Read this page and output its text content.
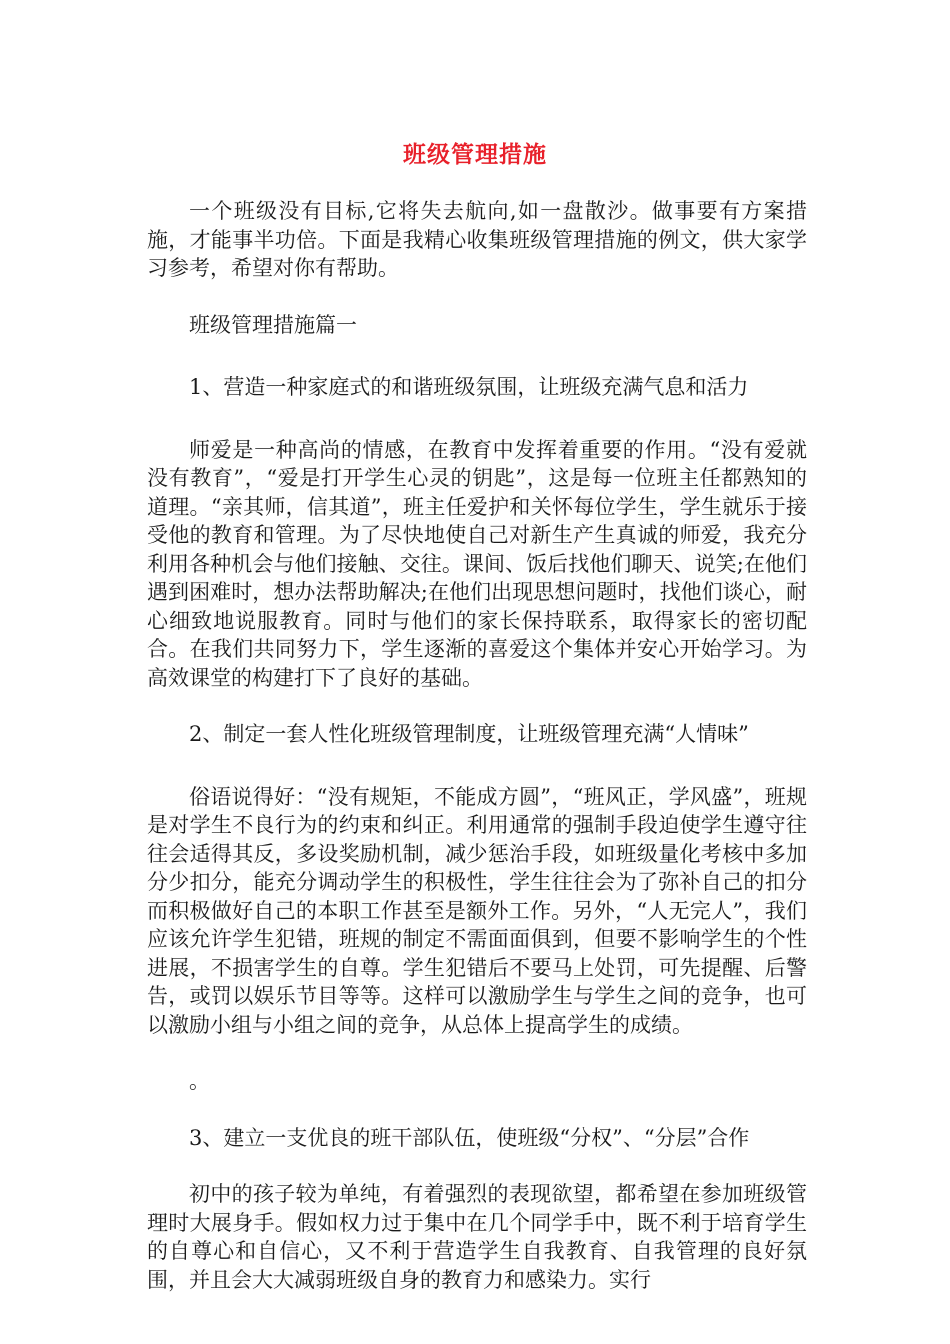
班级管理措施

一个班级没有目标,它将失去航向,如一盘散沙。做事要有方案措施，才能事半功倍。下面是我精心收集班级管理措施的例文，供大家学习参考，希望对你有帮助。

班级管理措施篇一

1、营造一种家庭式的和谐班级氛围，让班级充满气息和活力

师爱是一种高尚的情感，在教育中发挥着重要的作用。“没有爱就没有教育”，“爱是打开学生心灵的钥匙”，这是每一位班主任都熟知的道理。“亲其师，信其道”，班主任爱护和关怀每位学生，学生就乐于接受他的教育和管理。为了尽快地使自己对新生产生真诚的师爱，我充分利用各种机会与他们接触、交往。课间、饭后找他们聊天、说笑;在他们遇到困难时，想办法帮助解决;在他们出现思想问题时，找他们谈心，耐心细致地说服教育。同时与他们的家长保持联系，取得家长的密切配合。在我们共同努力下，学生逐渐的喜爱这个集体并安心开始学习。为高效课堂的构建打下了良好的基础。

2、制定一套人性化班级管理制度，让班级管理充满“人情味”

俗语说得好：“没有规矩，不能成方圆”，“班风正，学风盛”，班规是对学生不良行为的约束和纠正。利用通常的强制手段迫使学生遵守往往会适得其反，多设奖励机制，减少惩治手段，如班级量化考核中多加分少扣分，能充分调动学生的积极性，学生往往会为了弥补自己的扣分而积极做好自己的本职工作甚至是额外工作。另外，“人无完人”，我们应该允许学生犯错，班规的制定不需面面俱到，但要不影响学生的个性进展，不损害学生的自尊。学生犯错后不要马上处罚，可先提醒、后警告，或罚以娱乐节目等等。这样可以激励学生与学生之间的竞争，也可以激励小组与小组之间的竞争，从总体上提高学生的成绩。

。

3、建立一支优良的班干部队伍，使班级“分权”、“分层”合作

初中的孩子较为单纯，有着强烈的表现欲望，都希望在参加班级管理时大展身手。假如权力过于集中在几个同学手中，既不利于培育学生的自尊心和自信心，又不利于营造学生自我教育、自我管理的良好氛围，并且会大大减弱班级自身的教育力和感染力。实行
